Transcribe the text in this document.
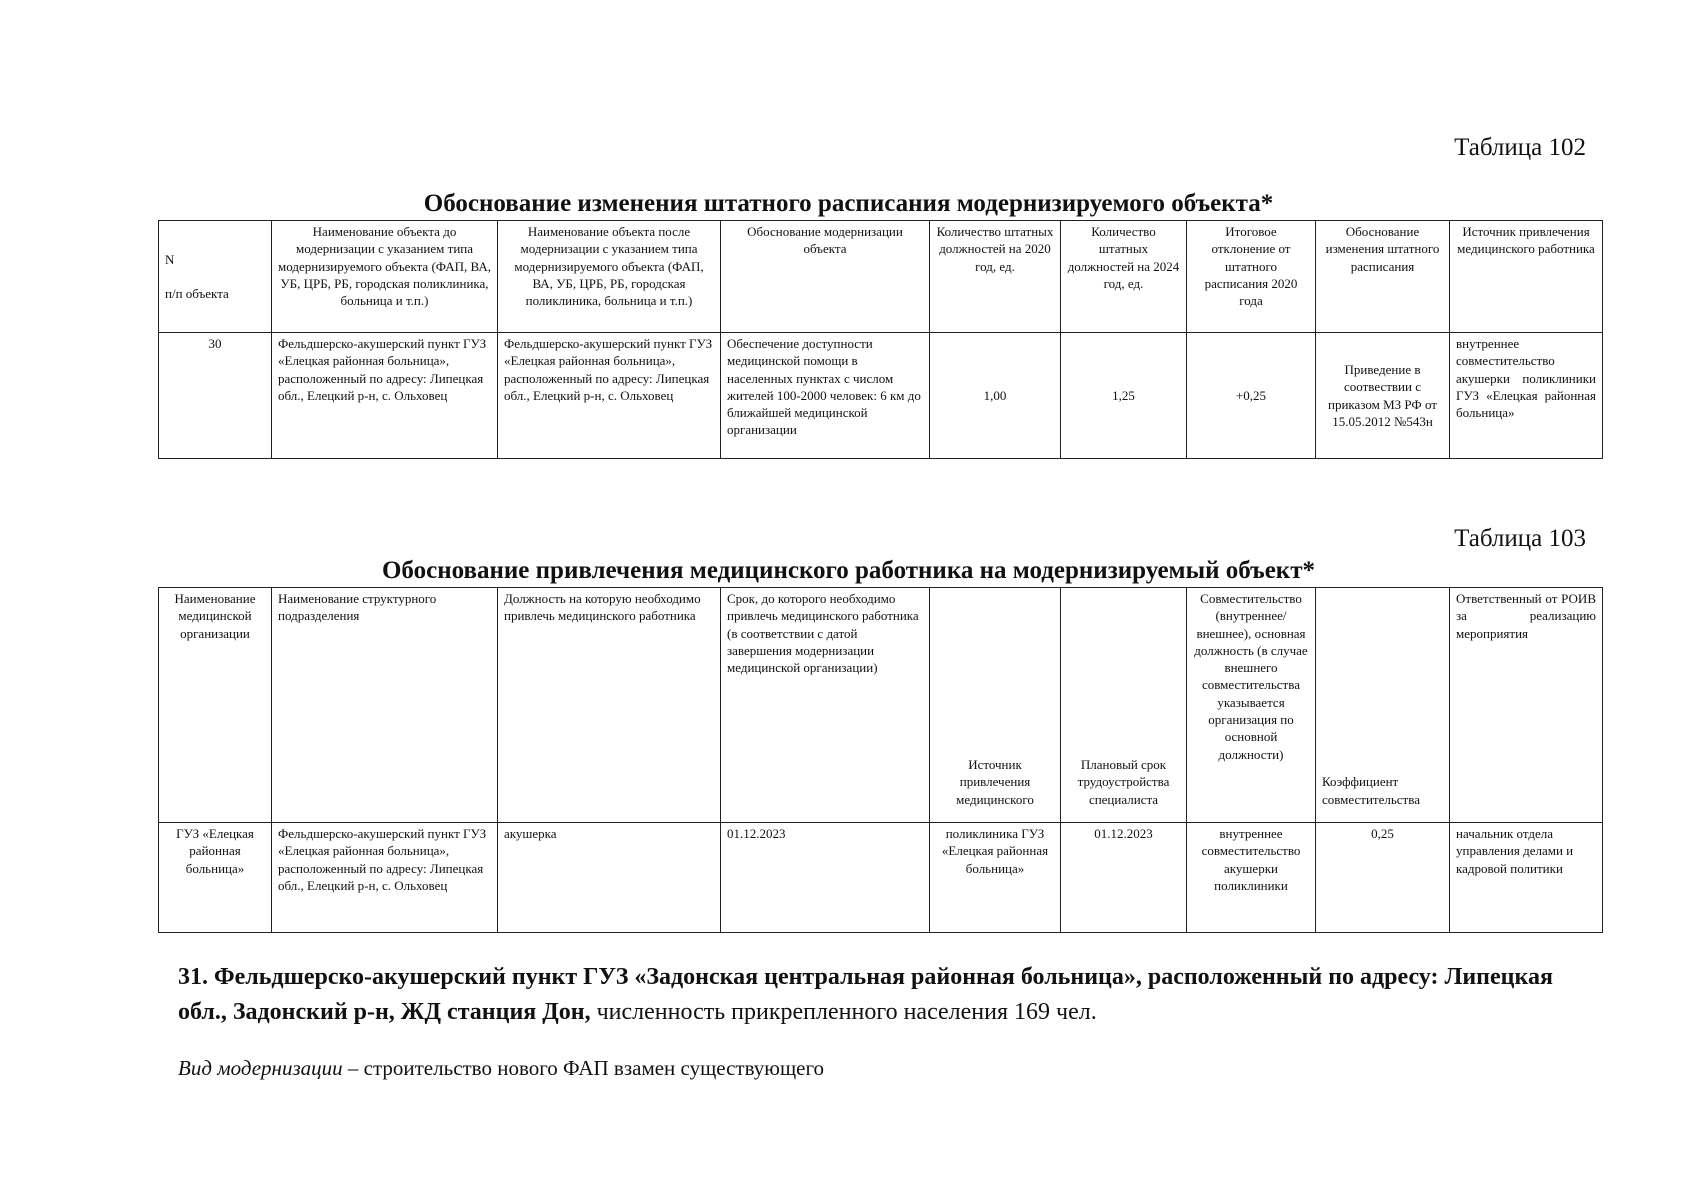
Таблица 102
Обоснование изменения штатного расписания модернизируемого объекта*
N

п/п объекта	Наименование объекта до модернизации с указанием типа модернизируемого объекта (ФАП, ВА, УБ, ЦРБ, РБ, городская поликлиника, больница и т.п.)	Наименование объекта после модернизации с указанием типа модернизируемого объекта (ФАП, ВА, УБ, ЦРБ, РБ, городская поликлиника, больница и т.п.)	Обоснование модернизации объекта	Количество штатных должностей на 2020 год, ед.	Количество штатных должностей на 2024 год, ед.	Итоговое отклонение от штатного расписания 2020 года	Обоснование изменения штатного расписания	Источник привлечения медицинского работника
30	Фельдшерско-акушерский пункт ГУЗ «Елецкая районная больница», расположенный по адресу: Липецкая обл., Елецкий р-н, с. Ольховец	Фельдшерско-акушерский пункт ГУЗ «Елецкая районная больница», расположенный по адресу: Липецкая обл., Елецкий р-н, с. Ольховец	Обеспечение доступности медицинской помощи в населенных пунктах с числом жителей 100-2000 человек: 6 км до ближайшей медицинской организации	1,00	1,25	+0,25	Приведение в соотвествии с приказом МЗ РФ от 15.05.2012 №543н	внутреннее совместительство акушерки поликлиники ГУЗ «Елецкая районная больница»
Таблица 103
Обоснование привлечения медицинского работника на модернизируемый объект*
Наименование медицинской организации	Наименование структурного подразделения	Должность на которую необходимо привлечь медицинского работника	Срок, до которого необходимо привлечь медицинского работника (в соответствии с датой завершения модернизации медицинской организации)	Источник привлечения медицинского	Плановый срок трудоустройства специалиста	Совместительство (внутреннее/внешнее), основная должность (в случае внешнего совместительства указывается организация по основной должности)	Коэффициент совместительства	Ответственный от РОИВ за реализацию мероприятия
ГУЗ «Елецкая районная больница»	Фельдшерско-акушерский пункт ГУЗ «Елецкая районная больница», расположенный по адресу: Липецкая обл., Елецкий р-н, с. Ольховец	акушерка	01.12.2023	поликлиника ГУЗ «Елецкая районная больница»	01.12.2023	внутреннее совместительство акушерки поликлиники	0,25	начальник отдела управления делами и кадровой политики
31. Фельдшерско-акушерский пункт ГУЗ «Задонская центральная районная больница», расположенный по адресу: Липецкая обл., Задонский р-н, ЖД станция Дон, численность прикрепленного населения 169 чел.
Вид модернизации – строительство нового ФАП взамен существующего
